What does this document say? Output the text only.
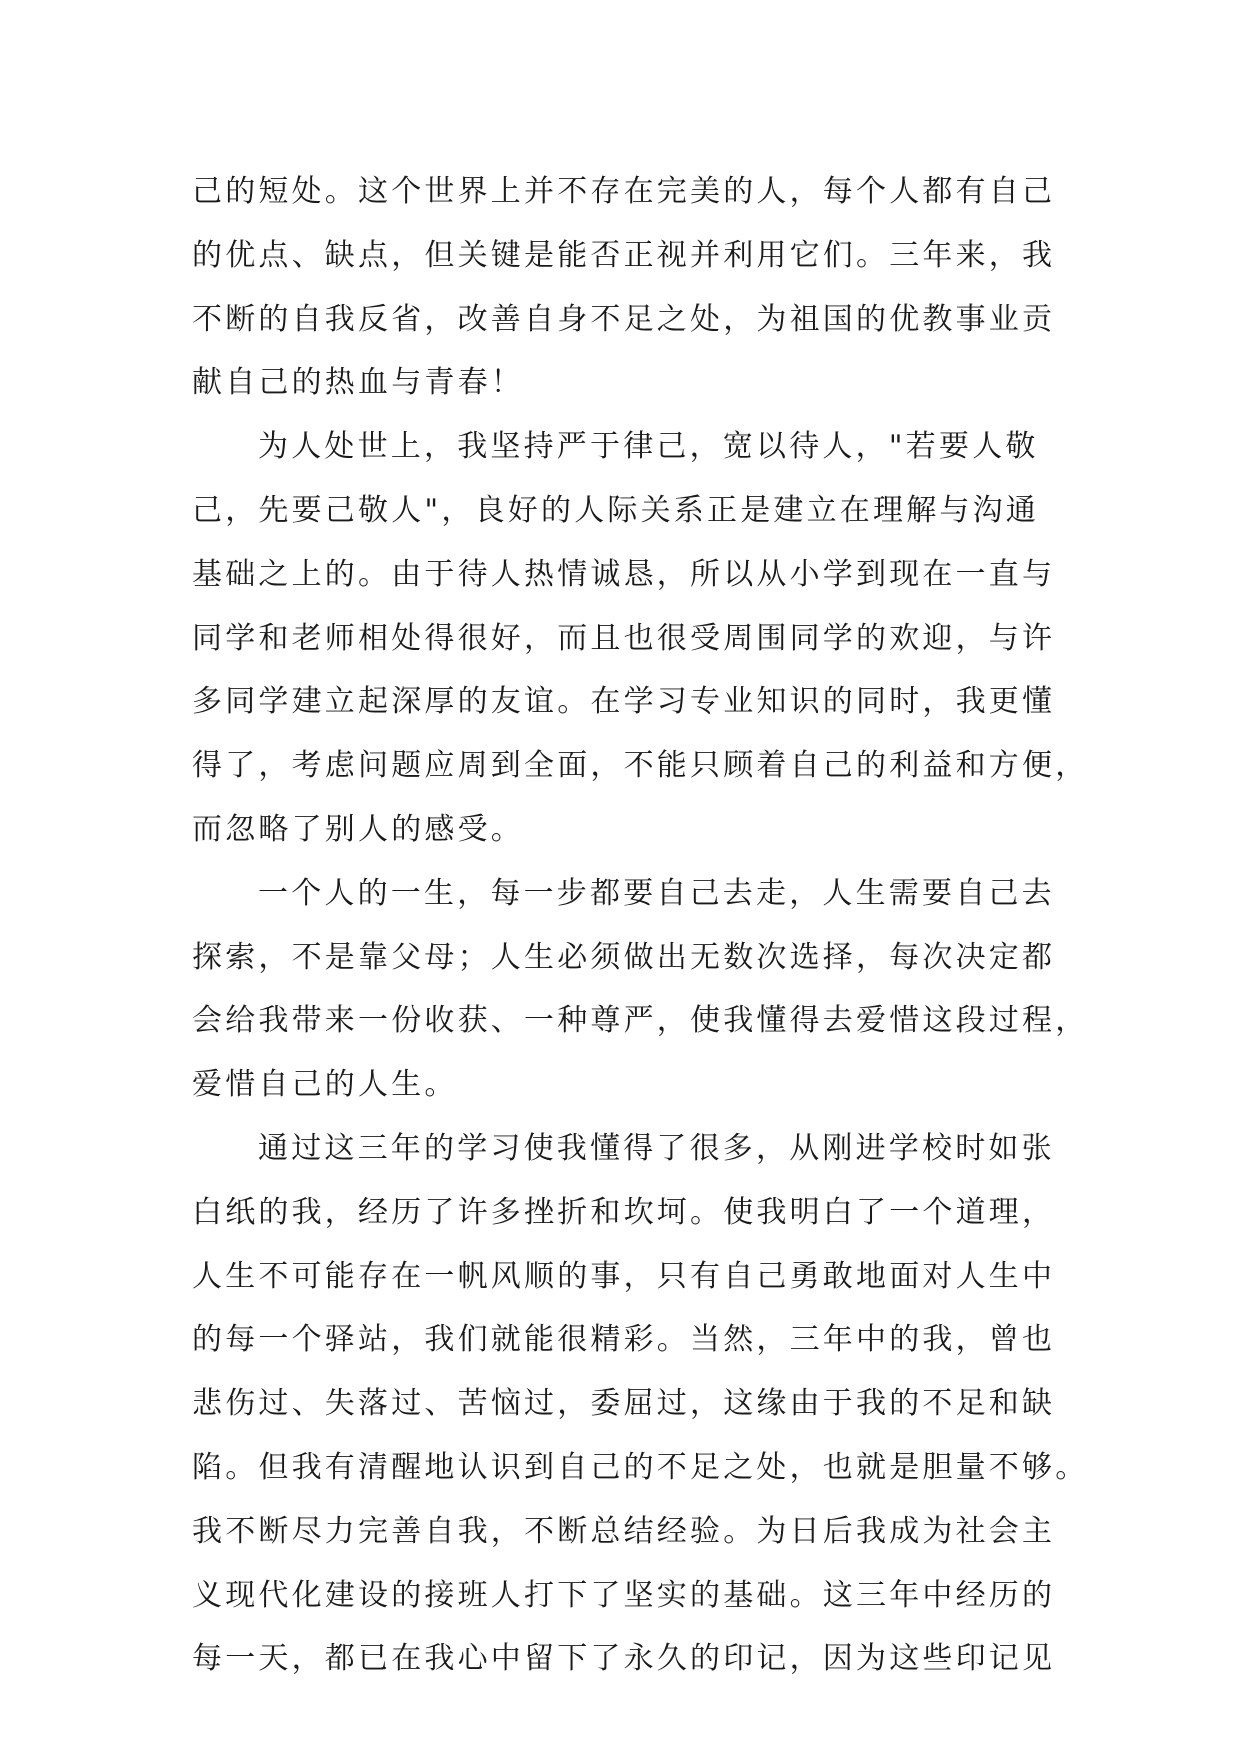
己的短处。这个世界上并不存在完美的人，每个人都有自己
的优点、缺点，但关键是能否正视并利用它们。三年来，我
不断的自我反省，改善自身不足之处，为祖国的优教事业贡
献自己的热血与青春！
为人处世上，我坚持严于律己，宽以待人，"若要人敬
己，先要己敬人"，良好的人际关系正是建立在理解与沟通
基础之上的。由于待人热情诚恳，所以从小学到现在一直与
同学和老师相处得很好，而且也很受周围同学的欢迎，与许
多同学建立起深厚的友谊。在学习专业知识的同时，我更懂
得了，考虑问题应周到全面，不能只顾着自己的利益和方便，
而忽略了别人的感受。
一个人的一生，每一步都要自己去走，人生需要自己去
探索，不是靠父母；人生必须做出无数次选择，每次决定都
会给我带来一份收获、一种尊严，使我懂得去爱惜这段过程，
爱惜自己的人生。
通过这三年的学习使我懂得了很多，从刚进学校时如张
白纸的我，经历了许多挫折和坎坷。使我明白了一个道理，
人生不可能存在一帆风顺的事，只有自己勇敢地面对人生中
的每一个驿站，我们就能很精彩。当然，三年中的我，曾也
悲伤过、失落过、苦恼过，委屈过，这缘由于我的不足和缺
陷。但我有清醒地认识到自己的不足之处，也就是胆量不够。
我不断尽力完善自我，不断总结经验。为日后我成为社会主
义现代化建设的接班人打下了坚实的基础。这三年中经历的
每一天，都已在我心中留下了永久的印记，因为这些印记见
